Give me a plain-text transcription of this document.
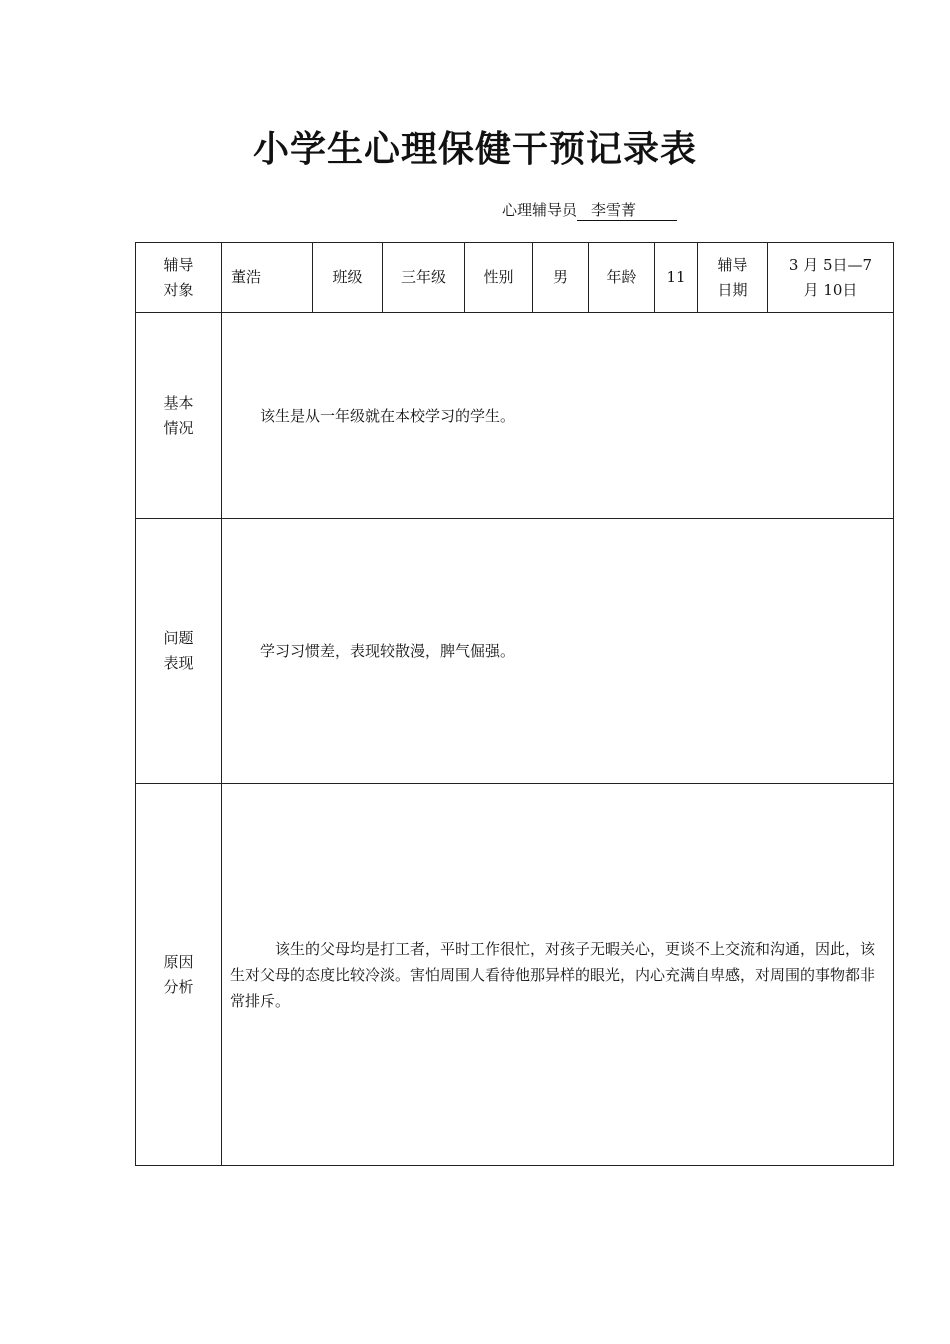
小学生心理保健干预记录表
心理辅导员 李雪菁
辅导对象	董浩	班级	三年级	性别	男	年龄	11	辅导日期	3 月 5日—7月 10日
基本情况	该生是从一年级就在本校学习的学生。								

问题表现	学习习惯差，表现较散漫，脾气倔强。								

原因分析	该生的父母均是打工者，平时工作很忙，对孩子无暇关心，更谈不上交流和沟通，因此，该生对父母的态度比较冷淡。害怕周围人看待他那异样的眼光，内心充满自卑感，对周围的事物都非常排斥。								
